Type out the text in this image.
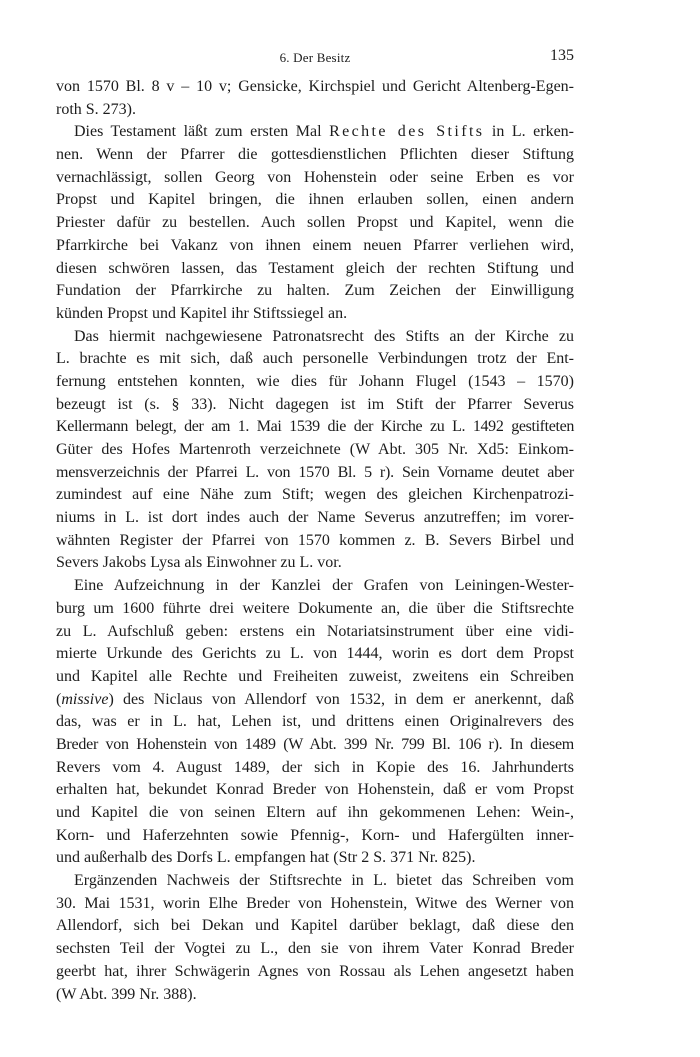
6. Der Besitz	135
von 1570 Bl. 8 v – 10 v; Gensicke, Kirchspiel und Gericht Altenberg-Egen-
roth S. 273).
Dies Testament läßt zum ersten Mal Rechte des Stifts in L. erken-
nen. Wenn der Pfarrer die gottesdienstlichen Pflichten dieser Stiftung
vernachlässigt, sollen Georg von Hohenstein oder seine Erben es vor
Propst und Kapitel bringen, die ihnen erlauben sollen, einen andern
Priester dafür zu bestellen. Auch sollen Propst und Kapitel, wenn die
Pfarrkirche bei Vakanz von ihnen einem neuen Pfarrer verliehen wird,
diesen schwören lassen, das Testament gleich der rechten Stiftung und
Fundation der Pfarrkirche zu halten. Zum Zeichen der Einwilligung
künden Propst und Kapitel ihr Stiftssiegel an.
Das hiermit nachgewiesene Patronatsrecht des Stifts an der Kirche zu
L. brachte es mit sich, daß auch personelle Verbindungen trotz der Ent-
fernung entstehen konnten, wie dies für Johann Flugel (1543 – 1570)
bezeugt ist (s. § 33). Nicht dagegen ist im Stift der Pfarrer Severus
Kellermann belegt, der am 1. Mai 1539 die der Kirche zu L. 1492 gestifteten
Güter des Hofes Martenroth verzeichnete (W Abt. 305 Nr. Xd5: Einkom-
mensverzeichnis der Pfarrei L. von 1570 Bl. 5 r). Sein Vorname deutet aber
zumindest auf eine Nähe zum Stift; wegen des gleichen Kirchenpatrozi-
niums in L. ist dort indes auch der Name Severus anzutreffen; im vorer-
wähnten Register der Pfarrei von 1570 kommen z. B. Severs Birbel und
Severs Jakobs Lysa als Einwohner zu L. vor.
Eine Aufzeichnung in der Kanzlei der Grafen von Leiningen-Wester-
burg um 1600 führte drei weitere Dokumente an, die über die Stiftsrechte
zu L. Aufschluß geben: erstens ein Notariatsinstrument über eine vidi-
mierte Urkunde des Gerichts zu L. von 1444, worin es dort dem Propst
und Kapitel alle Rechte und Freiheiten zuweist, zweitens ein Schreiben
(missive) des Niclaus von Allendorf von 1532, in dem er anerkennt, daß
das, was er in L. hat, Lehen ist, und drittens einen Originalrevers des
Breder von Hohenstein von 1489 (W Abt. 399 Nr. 799 Bl. 106 r). In diesem
Revers vom 4. August 1489, der sich in Kopie des 16. Jahrhunderts
erhalten hat, bekundet Konrad Breder von Hohenstein, daß er vom Propst
und Kapitel die von seinen Eltern auf ihn gekommenen Lehen: Wein-,
Korn- und Haferzehnten sowie Pfennig-, Korn- und Hafergülten inner-
und außerhalb des Dorfs L. empfangen hat (Str 2 S. 371 Nr. 825).
Ergänzenden Nachweis der Stiftsrechte in L. bietet das Schreiben vom
30. Mai 1531, worin Elhe Breder von Hohenstein, Witwe des Werner von
Allendorf, sich bei Dekan und Kapitel darüber beklagt, daß diese den
sechsten Teil der Vogtei zu L., den sie von ihrem Vater Konrad Breder
geerbt hat, ihrer Schwägerin Agnes von Rossau als Lehen angesetzt haben
(W Abt. 399 Nr. 388).
